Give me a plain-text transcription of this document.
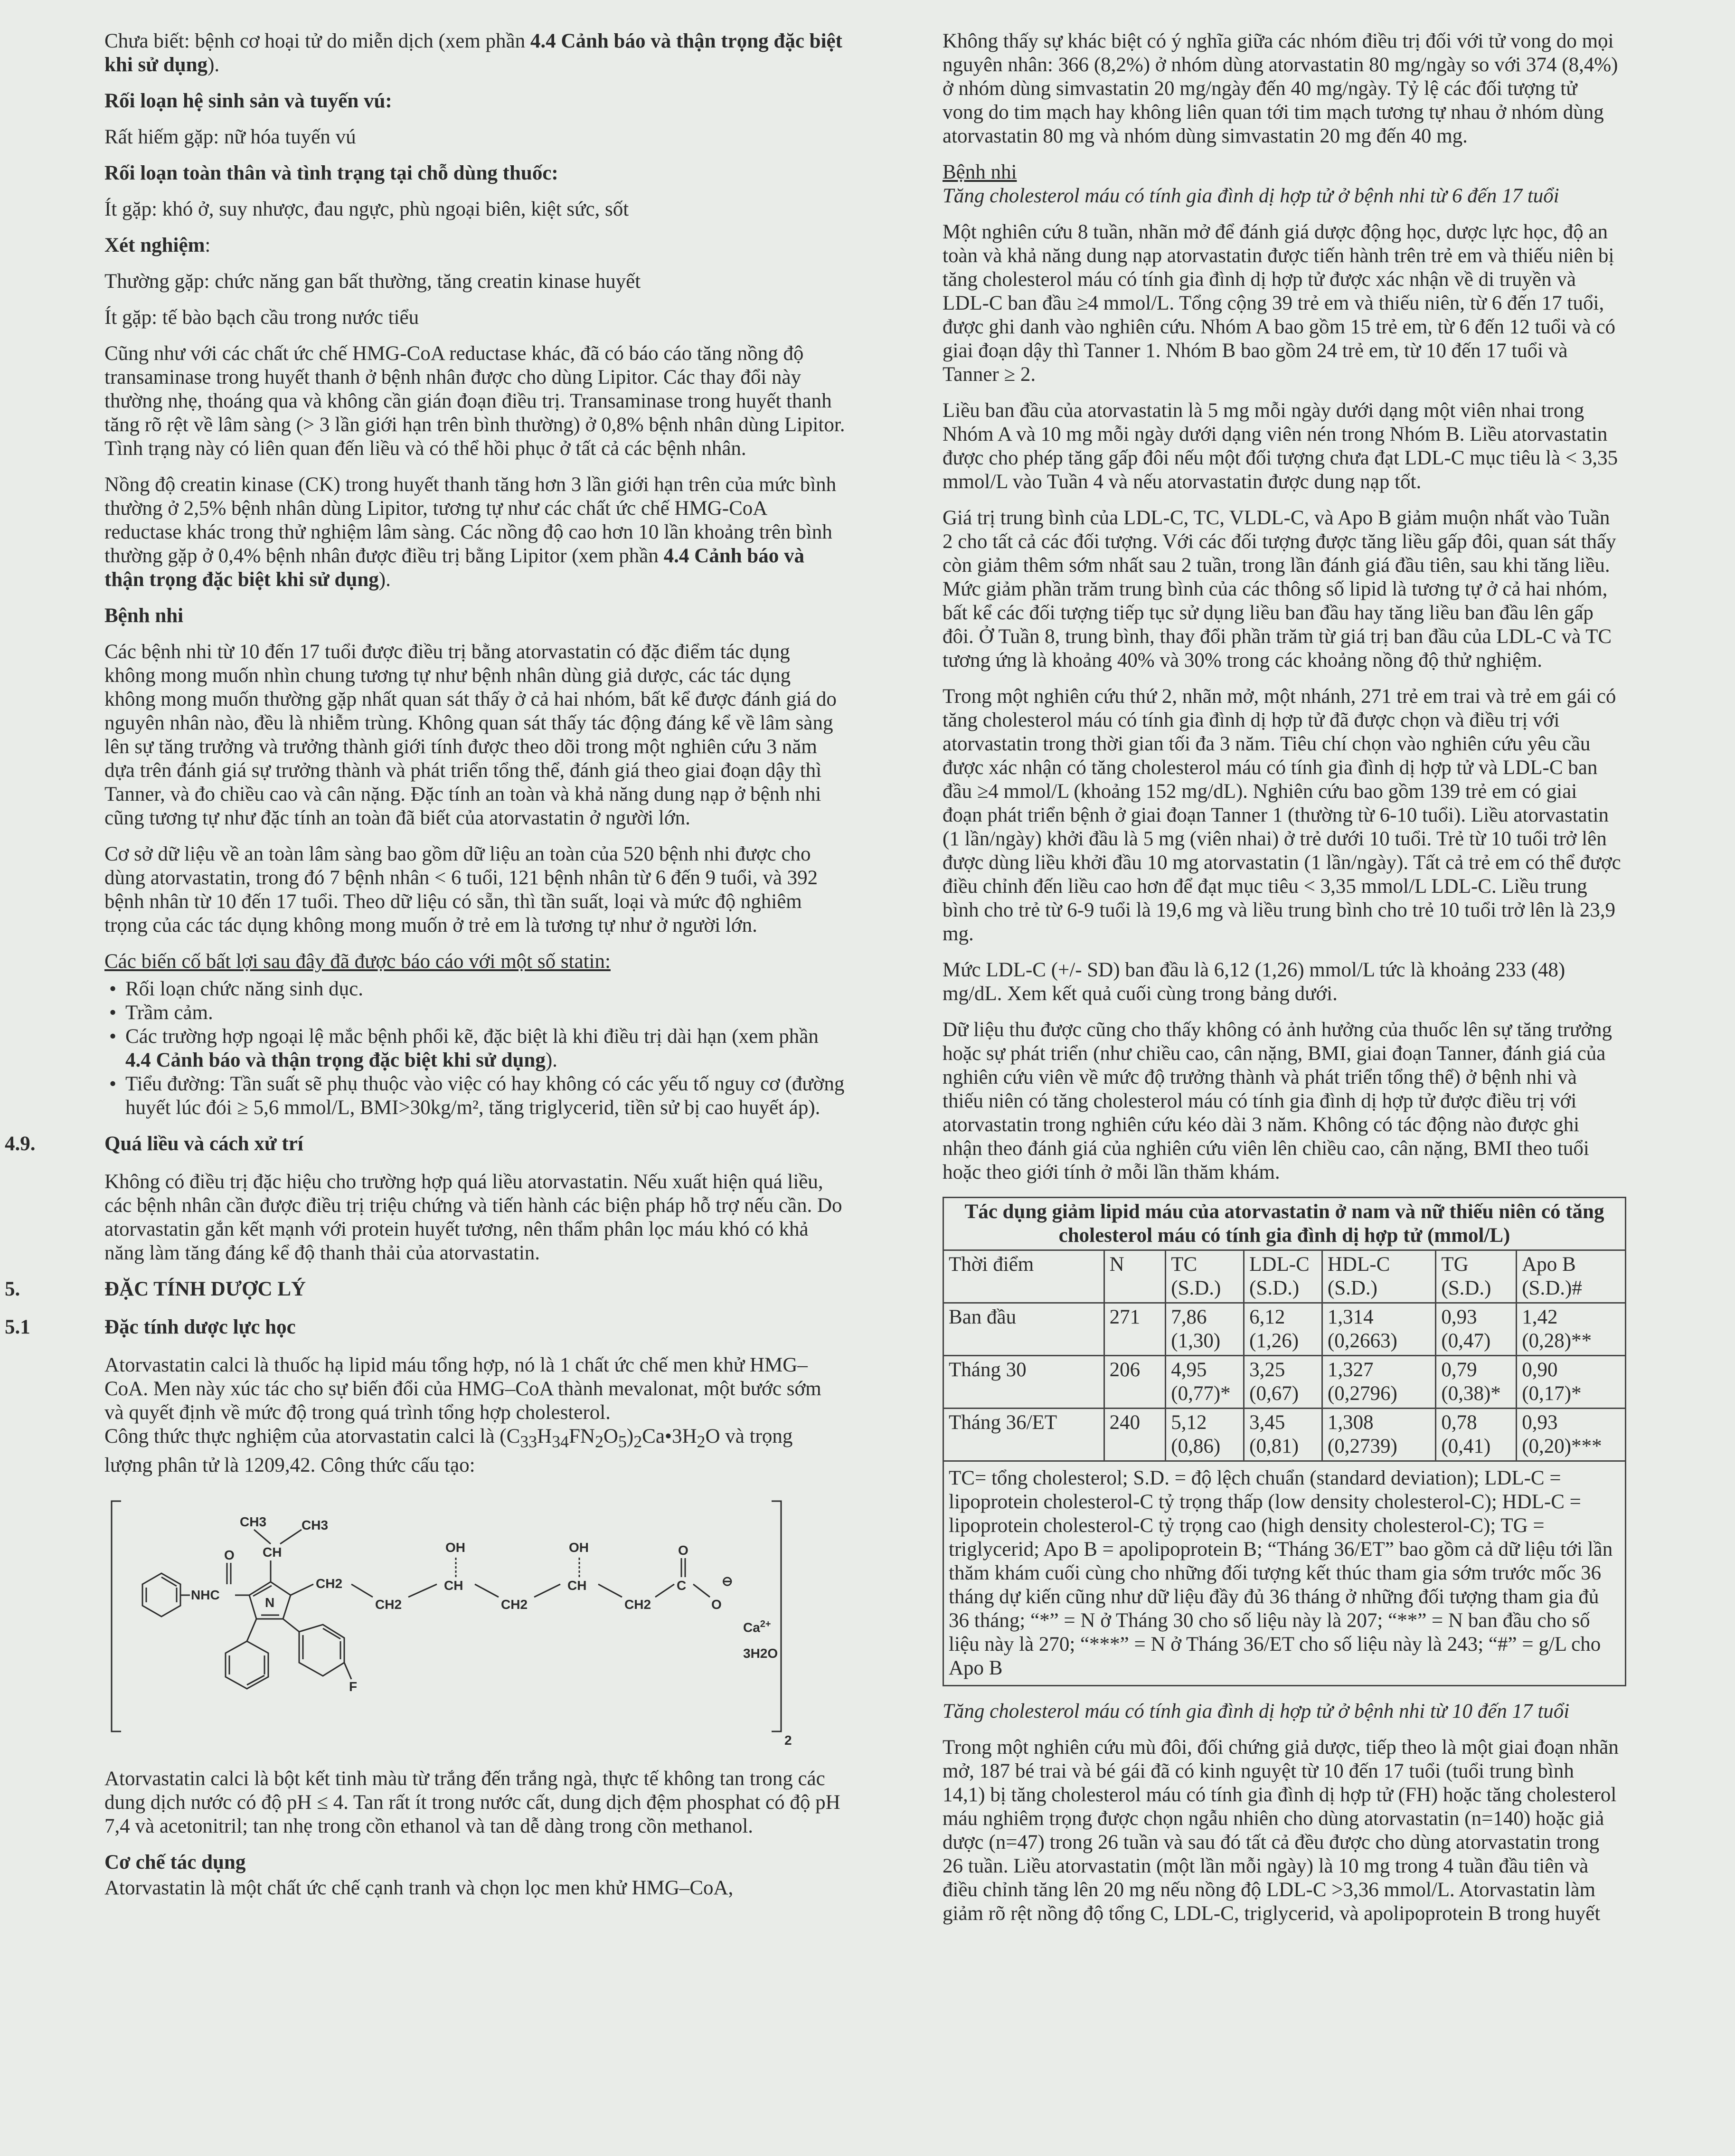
Chưa biết: bệnh cơ hoại tử do miễn dịch (xem phần 4.4 Cảnh báo và thận trọng đặc biệt khi sử dụng).

Rối loạn hệ sinh sản và tuyến vú:

Rất hiếm gặp: nữ hóa tuyến vú

Rối loạn toàn thân và tình trạng tại chỗ dùng thuốc:

Ít gặp: khó ở, suy nhược, đau ngực, phù ngoại biên, kiệt sức, sốt

Xét nghiệm:

Thường gặp: chức năng gan bất thường, tăng creatin kinase huyết

Ít gặp: tế bào bạch cầu trong nước tiểu

Cũng như với các chất ức chế HMG-CoA reductase khác, đã có báo cáo tăng nồng độ transaminase trong huyết thanh ở bệnh nhân được cho dùng Lipitor. Các thay đổi này thường nhẹ, thoáng qua và không cần gián đoạn điều trị. Transaminase trong huyết thanh tăng rõ rệt về lâm sàng (> 3 lần giới hạn trên bình thường) ở 0,8% bệnh nhân dùng Lipitor. Tình trạng này có liên quan đến liều và có thể hồi phục ở tất cả các bệnh nhân.

Nồng độ creatin kinase (CK) trong huyết thanh tăng hơn 3 lần giới hạn trên của mức bình thường ở 2,5% bệnh nhân dùng Lipitor, tương tự như các chất ức chế HMG-CoA reductase khác trong thử nghiệm lâm sàng. Các nồng độ cao hơn 10 lần khoảng trên bình thường gặp ở 0,4% bệnh nhân được điều trị bằng Lipitor (xem phần 4.4 Cảnh báo và thận trọng đặc biệt khi sử dụng).

Bệnh nhi

Các bệnh nhi từ 10 đến 17 tuổi được điều trị bằng atorvastatin có đặc điểm tác dụng không mong muốn nhìn chung tương tự như bệnh nhân dùng giả dược, các tác dụng không mong muốn thường gặp nhất quan sát thấy ở cả hai nhóm, bất kể được đánh giá do nguyên nhân nào, đều là nhiễm trùng. Không quan sát thấy tác động đáng kể về lâm sàng lên sự tăng trưởng và trưởng thành giới tính được theo dõi trong một nghiên cứu 3 năm dựa trên đánh giá sự trưởng thành và phát triển tổng thể, đánh giá theo giai đoạn dậy thì Tanner, và đo chiều cao và cân nặng. Đặc tính an toàn và khả năng dung nạp ở bệnh nhi cũng tương tự như đặc tính an toàn đã biết của atorvastatin ở người lớn.

Cơ sở dữ liệu về an toàn lâm sàng bao gồm dữ liệu an toàn của 520 bệnh nhi được cho dùng atorvastatin, trong đó 7 bệnh nhân < 6 tuổi, 121 bệnh nhân từ 6 đến 9 tuổi, và 392 bệnh nhân từ 10 đến 17 tuổi. Theo dữ liệu có sẵn, thì tần suất, loại và mức độ nghiêm trọng của các tác dụng không mong muốn ở trẻ em là tương tự như ở người lớn.

Các biến cố bất lợi sau đây đã được báo cáo với một số statin:

• Rối loạn chức năng sinh dục.
• Trầm cảm.
• Các trường hợp ngoại lệ mắc bệnh phổi kẽ, đặc biệt là khi điều trị dài hạn (xem phần 4.4 Cảnh báo và thận trọng đặc biệt khi sử dụng).
• Tiểu đường: Tần suất sẽ phụ thuộc vào việc có hay không có các yếu tố nguy cơ (đường huyết lúc đói ≥ 5,6 mmol/L, BMI>30kg/m², tăng triglycerid, tiền sử bị cao huyết áp).
4.9.	Quá liều và cách xử trí

Không có điều trị đặc hiệu cho trường hợp quá liều atorvastatin. Nếu xuất hiện quá liều, các bệnh nhân cần được điều trị triệu chứng và tiến hành các biện pháp hỗ trợ nếu cần. Do atorvastatin gắn kết mạnh với protein huyết tương, nên thẩm phân lọc máu khó có khả năng làm tăng đáng kể độ thanh thải của atorvastatin.

5.	ĐẶC TÍNH DƯỢC LÝ
5.1	Đặc tính dược lực học

Atorvastatin calci là thuốc hạ lipid máu tổng hợp, nó là 1 chất ức chế men khử HMG–CoA. Men này xúc tác cho sự biến đổi của HMG–CoA thành mevalonat, một bước sớm và quyết định về mức độ trong quá trình tổng hợp cholesterol.

Công thức thực nghiệm của atorvastatin calci là $(C_{33}H_{34}FN_2O_5)_2Ca•3H_2O$ và trọng lượng phân tử là 1209,42. Công thức cấu tạo:

CH3	CH3
CH
O
NHC
N
CH2
CH2
CH
OH
CH2
CH
OH
CH2
C
O
O
⊖
$Ca^{2+}$
3H2O
F
2

Atorvastatin calci là bột kết tinh màu từ trắng đến trắng ngà, thực tế không tan trong các dung dịch nước có độ pH ≤ 4. Tan rất ít trong nước cất, dung dịch đệm phosphat có độ pH 7,4 và acetonitril; tan nhẹ trong cồn ethanol và tan dễ dàng trong cồn methanol.

Cơ chế tác dụng

Atorvastatin là một chất ức chế cạnh tranh và chọn lọc men khử HMG–CoA,

Không thấy sự khác biệt có ý nghĩa giữa các nhóm điều trị đối với tử vong do mọi nguyên nhân: 366 (8,2%) ở nhóm dùng atorvastatin 80 mg/ngày so với 374 (8,4%) ở nhóm dùng simvastatin 20 mg/ngày đến 40 mg/ngày. Tỷ lệ các đối tượng tử vong do tim mạch hay không liên quan tới tim mạch tương tự nhau ở nhóm dùng atorvastatin 80 mg và nhóm dùng simvastatin 20 mg đến 40 mg.

Bệnh nhi

Tăng cholesterol máu có tính gia đình dị hợp tử ở bệnh nhi từ 6 đến 17 tuổi

Một nghiên cứu 8 tuần, nhãn mở để đánh giá dược động học, dược lực học, độ an toàn và khả năng dung nạp atorvastatin được tiến hành trên trẻ em và thiếu niên bị tăng cholesterol máu có tính gia đình dị hợp tử được xác nhận về di truyền và LDL-C ban đầu ≥4 mmol/L. Tổng cộng 39 trẻ em và thiếu niên, từ 6 đến 17 tuổi, được ghi danh vào nghiên cứu. Nhóm A bao gồm 15 trẻ em, từ 6 đến 12 tuổi và có giai đoạn dậy thì Tanner 1. Nhóm B bao gồm 24 trẻ em, từ 10 đến 17 tuổi và Tanner ≥ 2.

Liều ban đầu của atorvastatin là 5 mg mỗi ngày dưới dạng một viên nhai trong Nhóm A và 10 mg mỗi ngày dưới dạng viên nén trong Nhóm B. Liều atorvastatin được cho phép tăng gấp đôi nếu một đối tượng chưa đạt LDL-C mục tiêu là < 3,35 mmol/L vào Tuần 4 và nếu atorvastatin được dung nạp tốt.

Giá trị trung bình của LDL-C, TC, VLDL-C, và Apo B giảm muộn nhất vào Tuần 2 cho tất cả các đối tượng. Với các đối tượng được tăng liều gấp đôi, quan sát thấy còn giảm thêm sớm nhất sau 2 tuần, trong lần đánh giá đầu tiên, sau khi tăng liều. Mức giảm phần trăm trung bình của các thông số lipid là tương tự ở cả hai nhóm, bất kể các đối tượng tiếp tục sử dụng liều ban đầu hay tăng liều ban đầu lên gấp đôi. Ở Tuần 8, trung bình, thay đổi phần trăm từ giá trị ban đầu của LDL-C và TC tương ứng là khoảng 40% và 30% trong các khoảng nồng độ thử nghiệm.

Trong một nghiên cứu thứ 2, nhãn mở, một nhánh, 271 trẻ em trai và trẻ em gái có tăng cholesterol máu có tính gia đình dị hợp tử đã được chọn và điều trị với atorvastatin trong thời gian tối đa 3 năm. Tiêu chí chọn vào nghiên cứu yêu cầu được xác nhận có tăng cholesterol máu có tính gia đình dị hợp tử và LDL-C ban đầu ≥4 mmol/L (khoảng 152 mg/dL). Nghiên cứu bao gồm 139 trẻ em có giai đoạn phát triển bệnh ở giai đoạn Tanner 1 (thường từ 6-10 tuổi). Liều atorvastatin (1 lần/ngày) khởi đầu là 5 mg (viên nhai) ở trẻ dưới 10 tuổi. Trẻ từ 10 tuổi trở lên được dùng liều khởi đầu 10 mg atorvastatin (1 lần/ngày). Tất cả trẻ em có thể được điều chỉnh đến liều cao hơn để đạt mục tiêu < 3,35 mmol/L LDL-C. Liều trung bình cho trẻ từ 6-9 tuổi là 19,6 mg và liều trung bình cho trẻ 10 tuổi trở lên là 23,9 mg.

Mức LDL-C (+/- SD) ban đầu là 6,12 (1,26) mmol/L tức là khoảng 233 (48) mg/dL. Xem kết quả cuối cùng trong bảng dưới.

Dữ liệu thu được cũng cho thấy không có ảnh hưởng của thuốc lên sự tăng trưởng hoặc sự phát triển (như chiều cao, cân nặng, BMI, giai đoạn Tanner, đánh giá của nghiên cứu viên về mức độ trưởng thành và phát triển tổng thể) ở bệnh nhi và thiếu niên có tăng cholesterol máu có tính gia đình dị hợp tử được điều trị với atorvastatin trong nghiên cứu kéo dài 3 năm. Không có tác động nào được ghi nhận theo đánh giá của nghiên cứu viên lên chiều cao, cân nặng, BMI theo tuổi hoặc theo giới tính ở mỗi lần thăm khám.

Tác dụng giảm lipid máu của atorvastatin ở nam và nữ thiếu niên có tăng cholesterol máu có tính gia đình dị hợp tử (mmol/L)						
Thời điểm	N	TC (S.D.)	LDL-C (S.D.)	HDL-C (S.D.)	TG (S.D.)	Apo B (S.D.)#
Ban đầu	271	7,86 (1,30)	6,12 (1,26)	1,314 (0,2663)	0,93 (0,47)	1,42 (0,28)**
Tháng 30	206	4,95 (0,77)*	3,25 (0,67)	1,327 (0,2796)	0,79 (0,38)*	0,90 (0,17)*
Tháng 36/ET	240	5,12 (0,86)	3,45 (0,81)	1,308 (0,2739)	0,78 (0,41)	0,93 (0,20)***
TC= tổng cholesterol; S.D. = độ lệch chuẩn (standard deviation); LDL-C = lipoprotein cholesterol-C tỷ trọng thấp (low density cholesterol-C); HDL-C = lipoprotein cholesterol-C tỷ trọng cao (high density cholesterol-C); TG = triglycerid; Apo B = apolipoprotein B; “Tháng 36/ET” bao gồm cả dữ liệu tới lần thăm khám cuối cùng cho những đối tượng kết thúc tham gia sớm trước mốc 36 tháng dự kiến cũng như dữ liệu đầy đủ 36 tháng ở những đối tượng tham gia đủ 36 tháng; “*” = N ở Tháng 30 cho số liệu này là 207; “**” = N ban đầu cho số liệu này là 270; “***” = N ở Tháng 36/ET cho số liệu này là 243; “#” = g/L cho Apo B						

Tăng cholesterol máu có tính gia đình dị hợp tử ở bệnh nhi từ 10 đến 17 tuổi

Trong một nghiên cứu mù đôi, đối chứng giả dược, tiếp theo là một giai đoạn nhãn mở, 187 bé trai và bé gái đã có kinh nguyệt từ 10 đến 17 tuổi (tuổi trung bình 14,1) bị tăng cholesterol máu có tính gia đình dị hợp tử (FH) hoặc tăng cholesterol máu nghiêm trọng được chọn ngẫu nhiên cho dùng atorvastatin (n=140) hoặc giả dược (n=47) trong 26 tuần và sau đó tất cả đều được cho dùng atorvastatin trong 26 tuần. Liều atorvastatin (một lần mỗi ngày) là 10 mg trong 4 tuần đầu tiên và điều chỉnh tăng lên 20 mg nếu nồng độ LDL-C >3,36 mmol/L. Atorvastatin làm giảm rõ rệt nồng độ tổng C, LDL-C, triglycerid, và apolipoprotein B trong huyết
